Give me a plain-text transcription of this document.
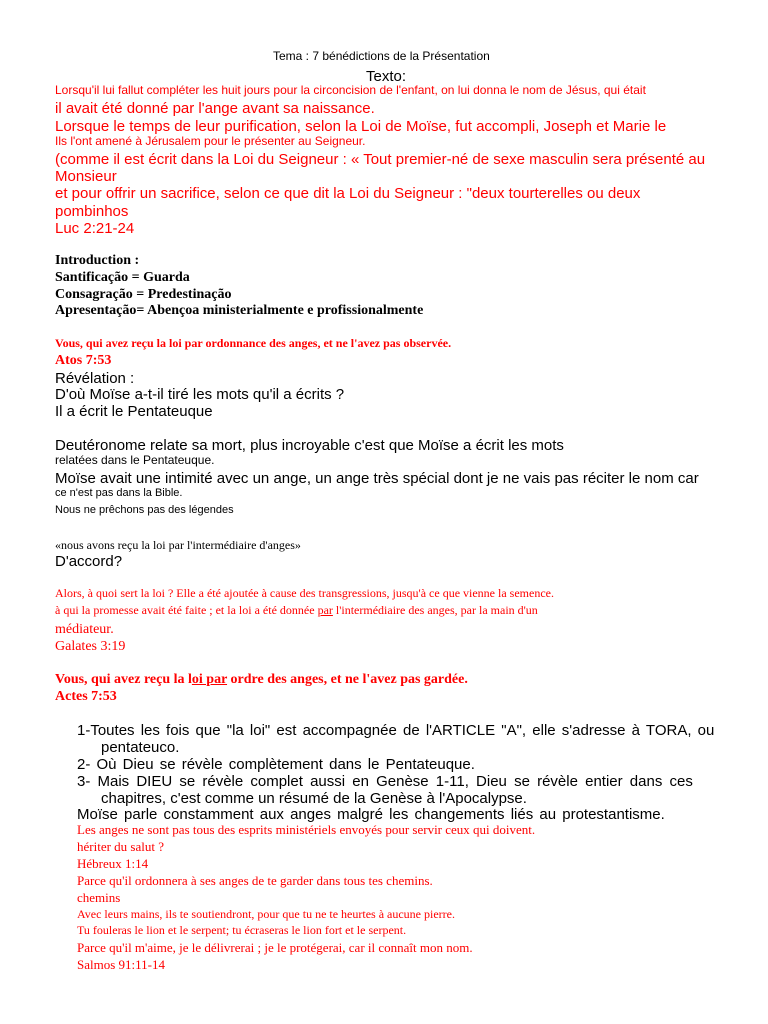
Tema : 7 bénédictions de la Présentation
Texto:
Lorsqu'il lui fallut compléter les huit jours pour la circoncision de l'enfant, on lui donna le nom de Jésus, qui était
il avait été donné par l'ange avant sa naissance.
Lorsque le temps de leur purification, selon la Loi de Moïse, fut accompli, Joseph et Marie le
Ils l'ont amené à Jérusalem pour le présenter au Seigneur.
(comme il est écrit dans la Loi du Seigneur : « Tout premier-né de sexe masculin sera présenté au
Monsieur
et pour offrir un sacrifice, selon ce que dit la Loi du Seigneur : "deux tourterelles ou deux
pombinhos
Luc 2:21-24
Introduction :
Santificação = Guarda
Consagração = Predestinação
Apresentação= Abençoa ministerialmente e profissionalmente
Vous, qui avez reçu la loi par ordonnance des anges, et ne l'avez pas observée.
Atos 7:53
Révélation :
D'où Moïse a-t-il tiré les mots qu'il a écrits ?
Il a écrit le Pentateuque
Deutéronome relate sa mort, plus incroyable c'est que Moïse a écrit les mots
relatées dans le Pentateuque.
Moïse avait une intimité avec un ange, un ange très spécial dont je ne vais pas réciter le nom car
ce n'est pas dans la Bible.
Nous ne prêchons pas des légendes
«nous avons reçu la loi par l'intermédiaire d'anges»
D'accord?
Alors, à quoi sert la loi ? Elle a été ajoutée à cause des transgressions, jusqu'à ce que vienne la semence.
à qui la promesse avait été faite ; et la loi a été donnée par l'intermédiaire des anges, par la main d'un
médiateur.
Galates 3:19
Vous, qui avez reçu la loi par ordre des anges, et ne l'avez pas gardée.
Actes 7:53
1-Toutes les fois que "la loi" est accompagnée de l'ARTICLE "A", elle s'adresse à TORA, ou
pentateuco.
2- Où Dieu se révèle complètement dans le Pentateuque.
3- Mais DIEU se révèle complet aussi en Genèse 1-11, Dieu se révèle entier dans ces
chapitres, c'est comme un résumé de la Genèse à l'Apocalypse.
Moïse parle constamment aux anges malgré les changements liés au protestantisme.
Les anges ne sont pas tous des esprits ministériels envoyés pour servir ceux qui doivent.
hériter du salut ?
Hébreux 1:14
Parce qu'il ordonnera à ses anges de te garder dans tous tes chemins.
chemins
Avec leurs mains, ils te soutiendront, pour que tu ne te heurtes à aucune pierre.
Tu fouleras le lion et le serpent; tu écraseras le lion fort et le serpent.
Parce qu'il m'aime, je le délivrerai ; je le protégerai, car il connaît mon nom.
Salmos 91:11-14
